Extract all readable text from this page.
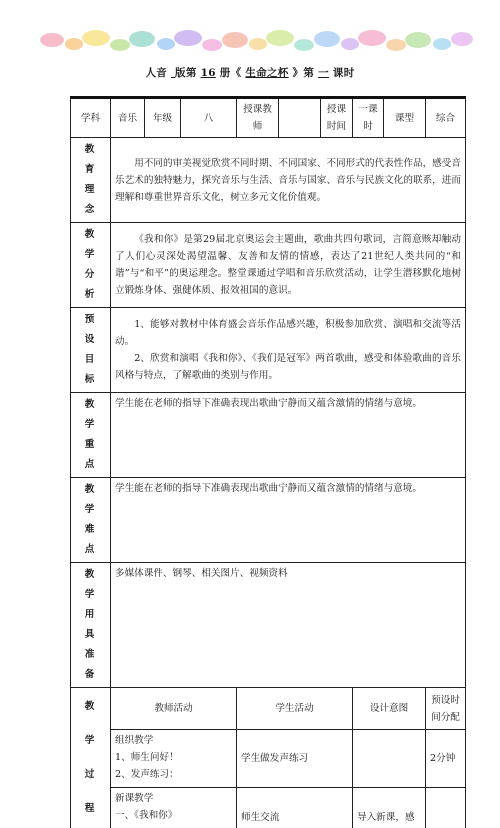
人音 版第 16 册《 生命之杯 》第 一 课时
学科	音乐	年级	八	授课教师		授课时间	一课时	课型	综合
教 育 理 念	用不同的审美视觉欣赏不同时期、不同国家、不同形式的代表性作品，感受音乐艺术的独特魅力，探究音乐与生活、音乐与国家、音乐与民族文化的联系，进而理解和尊重世界音乐文化，树立多元文化价值观。								
教 学 分 析	《我和你》是第29届北京奥运会主题曲，歌曲共四句歌词，言简意赅却触动了人们心灵深处渴望温馨、友善和友情的情感，表达了21世纪人类共同的“和谐”与“和平”的奥运理念。整堂课通过学唱和音乐欣赏活动，让学生潜移默化地树立锻炼身体、强健体质、报效祖国的意识。								
预 设 目 标	1、能够对教材中体育盛会音乐作品感兴趣，积极参加欣赏、演唱和交流等活动。
2、欣赏和演唱《我和你》、《我们是冠军》两首歌曲，感受和体验歌曲的音乐风格与特点，了解歌曲的类别与作用。								

教 学 重 点	学生能在老师的指导下准确表现出歌曲宁静而又蕴含激情的情绪与意境。								
教 学 难 点	学生能在老师的指导下准确表现出歌曲宁静而又蕴含激情的情绪与意境。								
教 学 用 具 准备	多媒体课件、钢琴、相关图片、视频资料								

教 学 过 程	教师活动			学生活动			设计意图		预设时间分配

	组织教学
1、师生问好！
2、发声练习：			学生做发声练习					2分钟

	新课教学
一、《我和你》			师生交流			导入新课，感		
